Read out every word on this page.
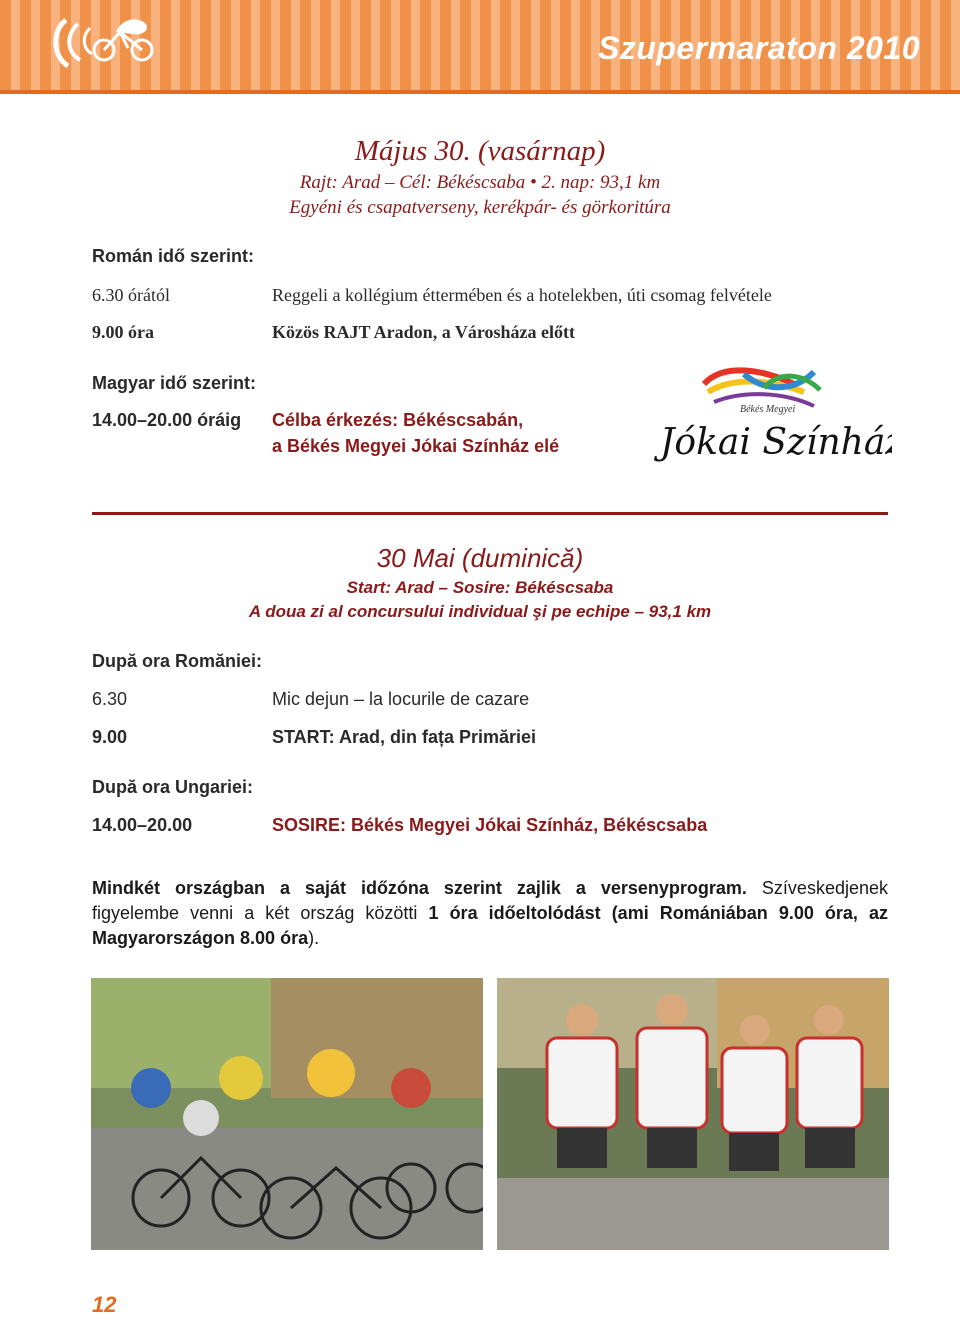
Szupermaraton 2010
Május 30. (vasárnap)
Rajt: Arad – Cél: Békéscsaba • 2. nap: 93,1 km
Egyéni és csapatverseny, kerékpár- és görkoritúra
Román idő szerint:
6.30 órától	Reggeli a kollégium éttermében és a hotelekben, úti csomag felvétele
9.00 óra	Közös RAJT Aradon, a Városháza előtt
Magyar idő szerint:
14.00–20.00 óráig Célba érkezés: Békéscsabán,
a Békés Megyei Jókai Színház elé
Békés Megyei
Jókai Színház
30 Mai (duminică)
Start: Arad – Sosire: Békéscsaba
A doua zi al concursului individual şi pe echipe – 93,1 km
După ora Romăniei:
6.30	Mic dejun – la locurile de cazare
9.00	START: Arad, din fața Primăriei
După ora Ungariei:
14.00–20.00	SOSIRE: Békés Megyei Jókai Színház, Békéscsaba
Mindkét országban a saját időzóna szerint zajlik a versenyprogram. Szíveskedjenek figyelembe venni a két ország közötti 1 óra időeltolódást (ami Romániában 9.00 óra, az Magyarországon 8.00 óra).
12
